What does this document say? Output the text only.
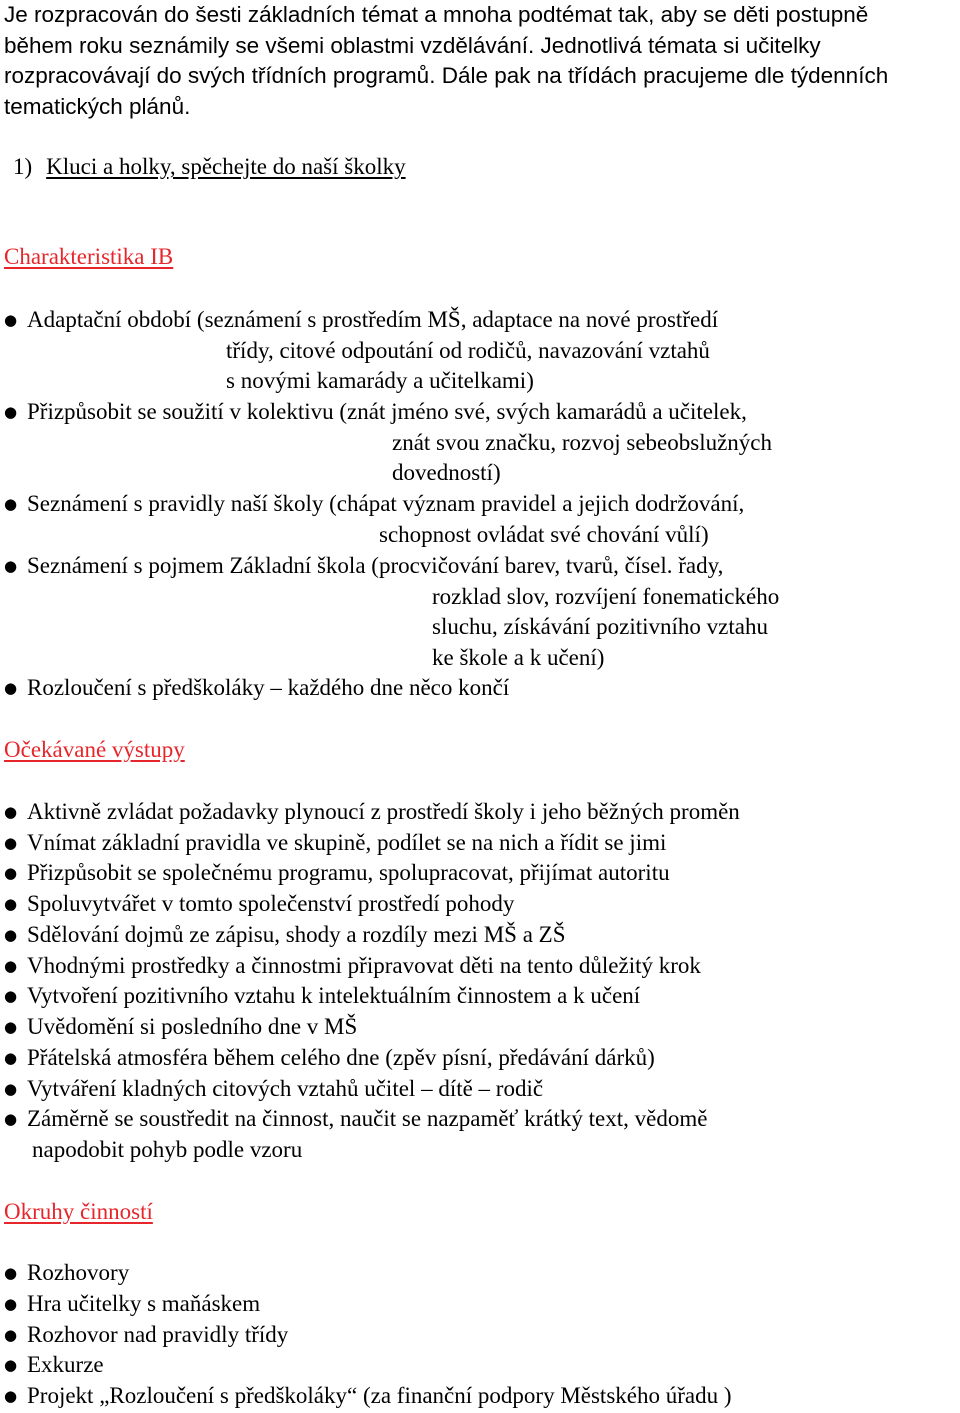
Je rozpracován do šesti základních témat a mnoha podtémat tak, aby se děti postupně
během roku seznámily se všemi oblastmi vzdělávání. Jednotlivá témata si učitelky
rozpracovávají do svých třídních programů. Dále pak na třídách pracujeme dle týdenních
tematických plánů.
1) Kluci a holky, spěchejte do naší školky
Charakteristika IB
● Adaptační období (seznámení s prostředím MŠ, adaptace na nové prostředí
třídy, citové odpoutání od rodičů, navazování vztahů
s novými kamarády a učitelkami)
● Přizpůsobit se soužití v kolektivu (znát jméno své, svých kamarádů a učitelek,
znát svou značku, rozvoj sebeobslužných
dovedností)
● Seznámení s pravidly naší školy (chápat význam pravidel a jejich dodržování,
schopnost ovládat své chování vůlí)
● Seznámení s pojmem Základní škola (procvičování barev, tvarů, čísel. řady,
rozklad slov, rozvíjení fonematického
sluchu, získávání pozitivního vztahu
ke škole a k učení)
● Rozloučení s předškoláky – každého dne něco končí
Očekávané výstupy
● Aktivně zvládat požadavky plynoucí z prostředí školy i jeho běžných proměn
● Vnímat základní pravidla ve skupině, podílet se na nich a řídit se jimi
● Přizpůsobit se společnému programu, spolupracovat, přijímat autoritu
● Spoluvytvářet v tomto společenství prostředí pohody
● Sdělování dojmů ze zápisu, shody a rozdíly mezi MŠ a ZŠ
● Vhodnými prostředky a činnostmi připravovat děti na tento důležitý krok
● Vytvoření pozitivního vztahu k intelektuálním činnostem a k učení
● Uvědomění si posledního dne v MŠ
● Přátelská atmosféra během celého dne (zpěv písní, předávání dárků)
● Vytváření kladných citových vztahů učitel – dítě – rodič
● Záměrně se soustředit na činnost, naučit se nazpaměť krátký text, vědomě
napodobit pohyb podle vzoru
Okruhy činností
● Rozhovory
● Hra učitelky s maňáskem
● Rozhovor nad pravidly třídy
● Exkurze
● Projekt „Rozloučení s předškoláky“ (za finanční podpory Městského úřadu )
